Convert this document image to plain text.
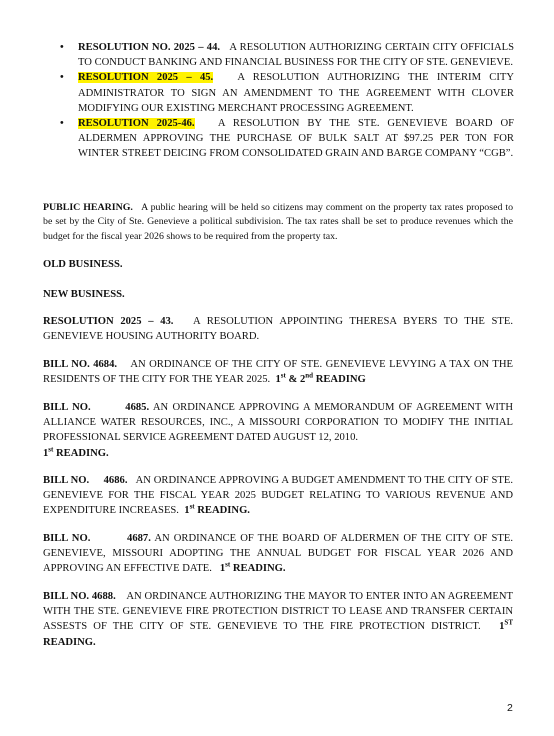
• RESOLUTION NO. 2025 – 44. A RESOLUTION AUTHORIZING CERTAIN CITY OFFICIALS TO CONDUCT BANKING AND FINANCIAL BUSINESS FOR THE CITY OF STE. GENEVIEVE.
• RESOLUTION 2025 – 45. A RESOLUTION AUTHORIZING THE INTERIM CITY ADMINISTRATOR TO SIGN AN AMENDMENT TO THE AGREEMENT WITH CLOVER MODIFYING OUR EXISTING MERCHANT PROCESSING AGREEMENT.
• RESOLUTION 2025-46. A RESOLUTION BY THE STE. GENEVIEVE BOARD OF ALDERMEN APPROVING THE PURCHASE OF BULK SALT AT $97.25 PER TON FOR WINTER STREET DEICING FROM CONSOLIDATED GRAIN AND BARGE COMPANY “CGB”.

PUBLIC HEARING. A public hearing will be held so citizens may comment on the property tax rates proposed to be set by the City of Ste. Genevieve a political subdivision. The tax rates shall be set to produce revenues which the budget for the fiscal year 2026 shows to be required from the property tax.

OLD BUSINESS.

NEW BUSINESS.

RESOLUTION 2025 – 43. A RESOLUTION APPOINTING THERESA BYERS TO THE STE. GENEVIEVE HOUSING AUTHORITY BOARD.

BILL NO. 4684. AN ORDINANCE OF THE CITY OF STE. GENEVIEVE LEVYING A TAX ON THE RESIDENTS OF THE CITY FOR THE YEAR 2025. 1st & 2nd READING

BILL NO.	4685. AN ORDINANCE APPROVING A MEMORANDUM OF AGREEMENT WITH ALLIANCE WATER RESOURCES, INC., A MISSOURI CORPORATION TO MODIFY THE INITIAL PROFESSIONAL SERVICE AGREEMENT DATED AUGUST 12, 2010.
1st READING.

BILL NO. 4686. AN ORDINANCE APPROVING A BUDGET AMENDMENT TO THE CITY OF STE. GENEVIEVE FOR THE FISCAL YEAR 2025 BUDGET RELATING TO VARIOUS REVENUE AND EXPENDITURE INCREASES. 1st READING.

BILL NO.	4687. AN ORDINANCE OF THE BOARD OF ALDERMEN OF THE CITY OF STE. GENEVIEVE, MISSOURI ADOPTING THE ANNUAL BUDGET FOR FISCAL YEAR 2026 AND APPROVING AN EFFECTIVE DATE. 1st READING.

BILL NO. 4688. AN ORDINANCE AUTHORIZING THE MAYOR TO ENTER INTO AN AGREEMENT WITH THE STE. GENEVIEVE FIRE PROTECTION DISTRICT TO LEASE AND TRANSFER CERTAIN ASSESTS OF THE CITY OF STE. GENEVIEVE TO THE FIRE PROTECTION DISTRICT. 1ST READING.

2
